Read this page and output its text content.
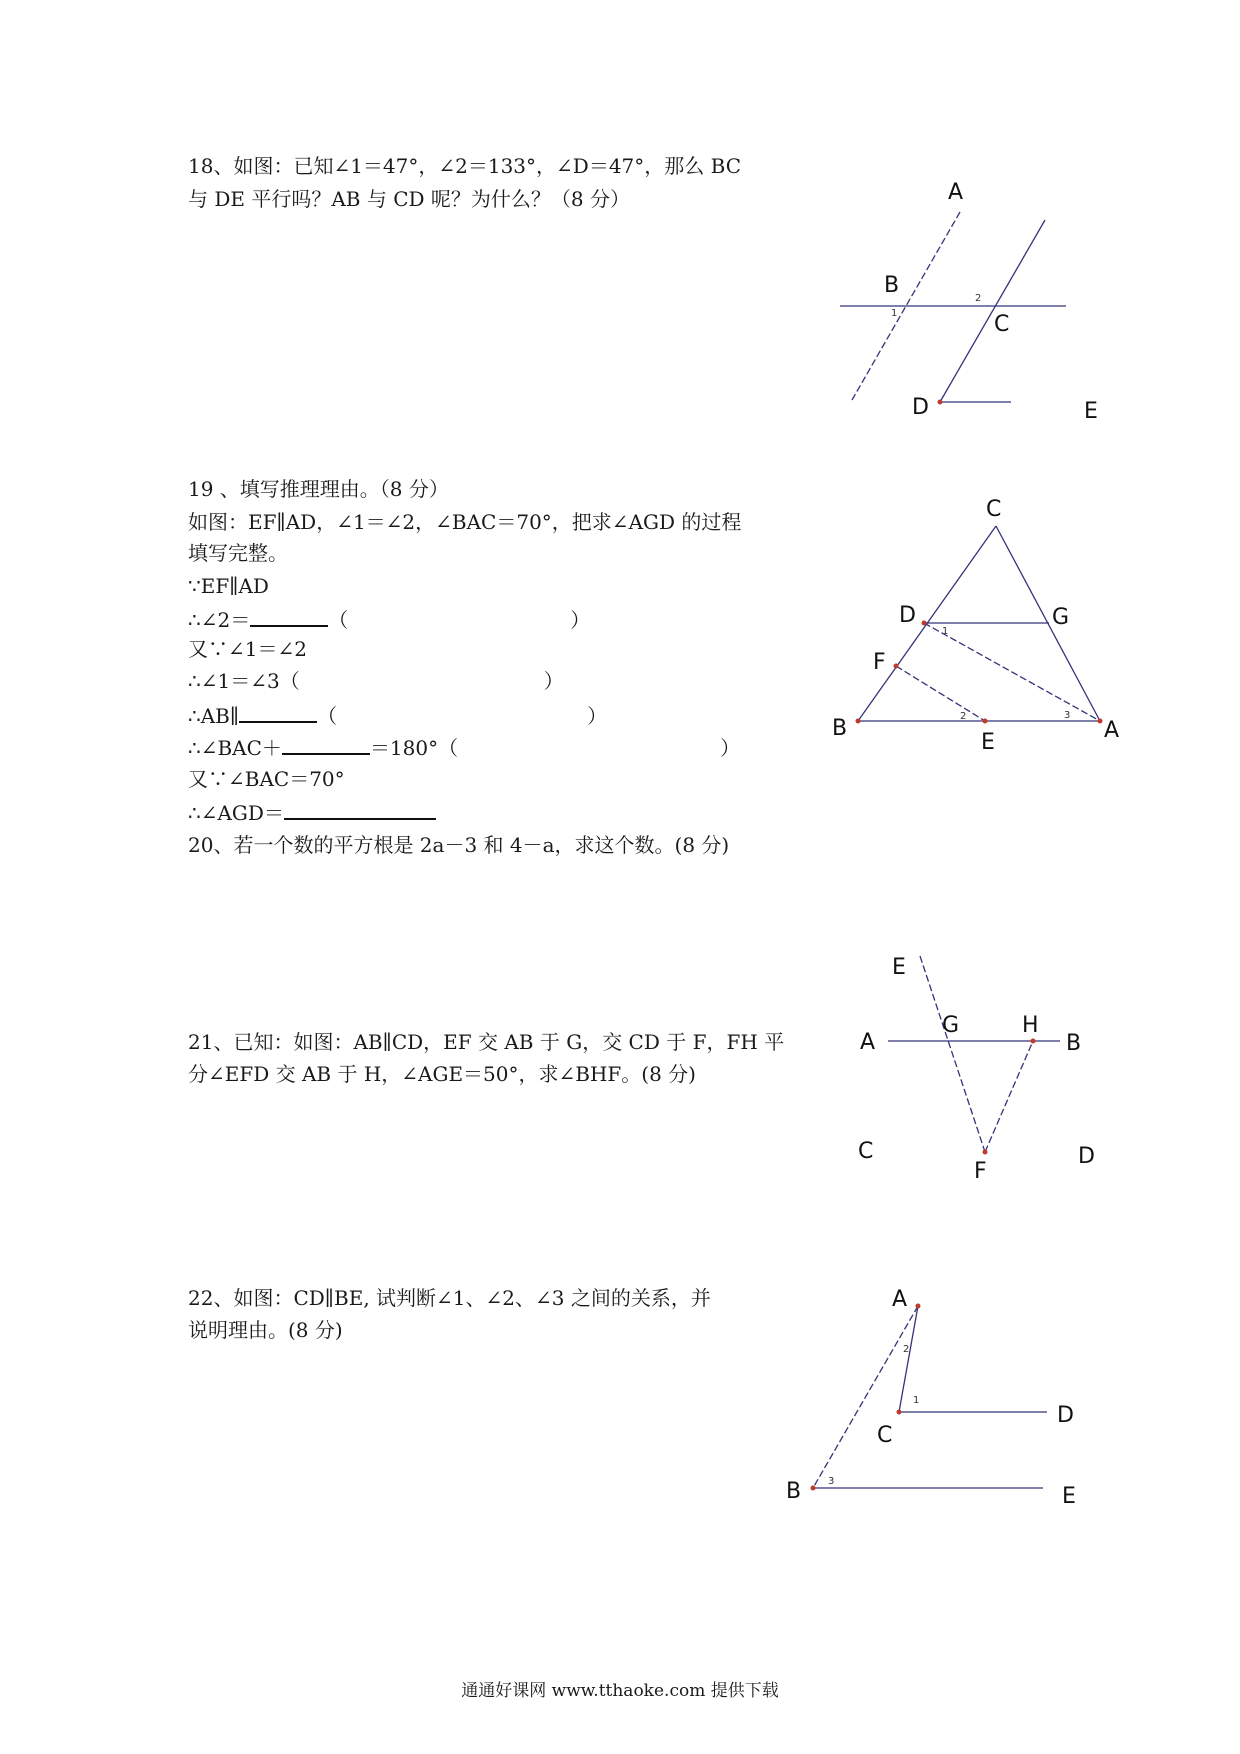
18、如图：已知∠1＝47°，∠2＝133°，∠D＝47°，那么 BC
与 DE 平行吗？AB 与 CD 呢？为什么？（8 分）	A
B
C
D	E
1
2
19 、填写推理理由。（8 分）
如图：EF∥AD，∠1＝∠2，∠BAC＝70°，把求∠AGD 的过程
填写完整。
∵EF∥AD
∴∠2＝	（	）
又∵∠1＝∠2
∴∠1＝∠3（	）
∴AB∥	（	）
∴∠BAC＋	＝180°（	）
又∵∠BAC＝70°
∴∠AGD＝
C
D	G
F
B
E	A
1
2	3
20、若一个数的平方根是 2a－3 和 4－a，求这个数。(8 分)
21、已知：如图：AB∥CD，EF 交 AB 于 G，交 CD 于 F，FH 平
分∠EFD 交 AB 于 H，∠AGE＝50°，求∠BHF。(8 分)
E
G	H
A	B
C
F
D
22、如图：CD∥BE, 试判断∠1、∠2、∠3 之间的关系，并
说明理由。(8 分)
A
C
D
B	E
1
2
3
通通好课网 www.tthaoke.com 提供下载
